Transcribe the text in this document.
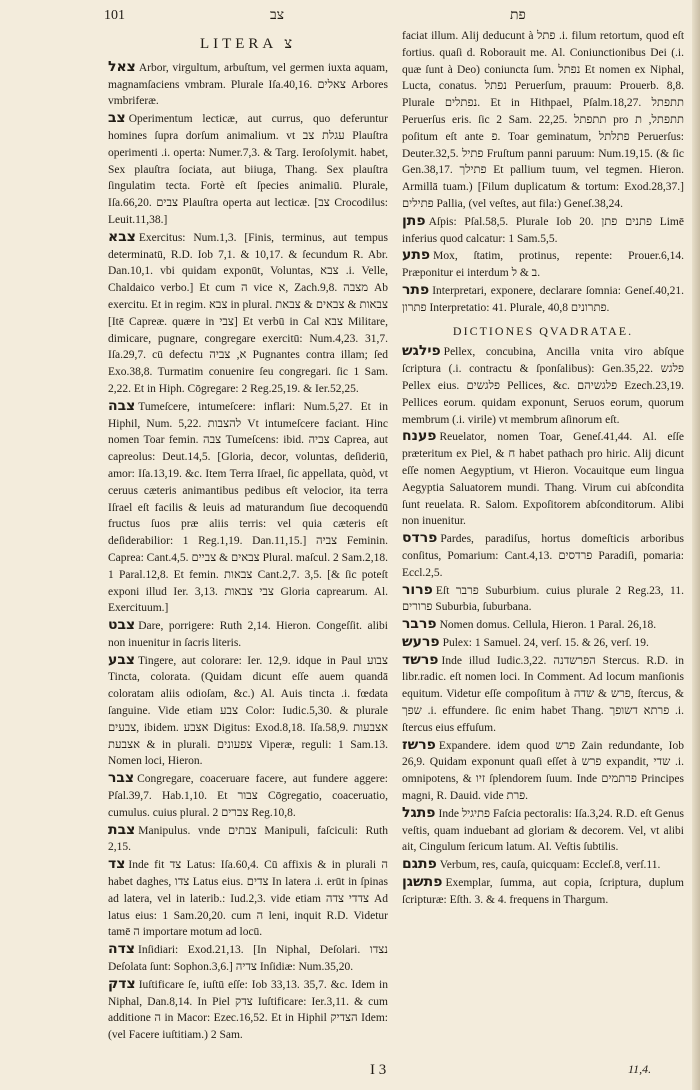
101	צב	פת
LITERA צ

צאל Arbor, virgultum, arbuſtum, vel germen iuxta aquam, magnamſaciens vmbram. Plurale Iſa.40,16. צאלים Arbores vmbriferæ.

צב Operimentum lecticæ, aut currus, quo deferuntur homines ſupra dorſum animalium. vt עגלת צב Plauſtra operimenti .i. operta: Numer.7,3. & Targ. Ieroſolymit. habet, Sex plauſtra ſociata, aut biiuga, Thang. Sex plauſtra ſingulatim tecta. Fortè eſt ſpecies animaliū. Plurale, Iſa.66,20. צבים Plauſtra operta aut lecticæ. [צב Crocodilus: Leuit.11,38.]

צבא Exercitus: Num.1,3. [Finis, terminus, aut tempus determinatū, R.D. Iob 7,1. & 10,17. & ſecundum R. Abr. Dan.10,1. vbi quidam exponūt, Voluntas, צבא .i. Velle, Chaldaico verbo.] Et cum ה vice א, Zach.9,8. מצבה Ab exercitu. Et in regim. צבא in plural. צבאות & צבאים & צבאת [Itē Capreæ. quære in צבי] Et verbū in Cal צבא Militare, dimicare, pugnare, congregare exercitū: Num.4,23. 31,7. Iſa.29,7. cū defectu א, צביה Pugnantes contra illam; ſed Exo.38,8. Turmatim conuenire ſeu congregari. ſic 1 Sam. 2,22. Et in Hiph. Cōgregare: 2 Reg.25,19. & Ier.52,25.

צבה Tumeſcere, intumeſcere: inflari: Num.5,27. Et in Hiphil, Num. 5,22. להצבות Vt intumeſcere faciant. Hinc nomen Toar femin. צבה Tumeſcens: ibid. צביה Caprea, aut capreolus: Deut.14,5. [Gloria, decor, voluntas, deſideriū, amor: Iſa.13,19. &c. Item Terra Iſrael, ſic appellata, quòd, vt ceruus cæteris animantibus pedibus eſt velocior, ita terra Iſrael eſt facilis & leuis ad maturandum ſiue decoquendū fructus ſuos præ aliis terris: vel quia cæteris eſt deſiderabilior: 1 Reg.1,19. Dan.11,15.] צביה Feminin. Caprea: Cant.4,5. צבאים & צביים Plural. maſcul. 2 Sam.2,18. 1 Paral.12,8. Et femin. צבאות Cant.2,7. 3,5. [& ſic poteſt exponi illud Ier. 3,13. צבי צבאות Gloria caprearum. Al. Exercituum.]

צבט Dare, porrigere: Ruth 2,14. Hieron. Congeſſit. alibi non inuenitur in ſacris literis.

צבע Tingere, aut colorare: Ier. 12,9. idque in Paul צבוע Tincta, colorata. (Quidam dicunt eſſe auem quandā coloratam aliis odioſam, &c.) Al. Auis tincta .i. fœdata ſanguine. Vide etiam צבע Color: Iudic.5,30. & plurale צבעים, ibidem. אצבע Digitus: Exod.8,18. Iſa.58,9. אצבעות & אצבעת in plurali. צפעונים Viperæ, reguli: 1 Sam.13. Nomen loci, Hieron.

צבר Congregare, coaceruare facere, aut fundere aggere: Pſal.39,7. Hab.1,10. Et צבור Cōgregatio, coaceruatio, cumulus. cuius plural. צברים 2 Reg.10,8.

צבת Manipulus. vnde צבתים Manipuli, faſciculi: Ruth 2,15.

צד Inde fit צד Latus: Iſa.60,4. Cū affixis & in plurali ה habet daghes, צדו Latus eius. צדים In latera .i. erūt in ſpinas ad latera, vel in laterib.: Iud.2,3. vide etiam צדדי צדה Ad latus eius: 1 Sam.20,20. cum ה leni, inquit R.D. Videtur tamē ה importare motum ad locū.

צדה Inſidiari: Exod.21,13. [In Niphal, Deſolari. נצדו Deſolata ſunt: Sophon.3,6.] צדיה Inſidiæ: Num.35,20.

צדק Iuſtificare ſe, iuſtū eſſe: Iob 33,13. 35,7. &c. Idem in Niphal, Dan.8,14. In Piel צדק Iuſtificare: Ier.3,11. & cum additione ה in Macor: Ezec.16,52. Et in Hiphil הצדיק Idem: (vel Facere iuſtitiam.) 2 Sam.

faciat illum. Alij deducunt à פתל .i. filum retortum, quod eſt fortius. quaſi d. Roborauit me. Al. Coniunctionibus Dei (.i. quæ ſunt à Deo) coniuncta ſum. נפתל Et nomen ex Niphal, Lucta, conatus. נפתל Peruerſum, prauum: Prouerb. 8,8. Plurale נפתלים. Et in Hithpael, Pſalm.18,27. תתפתל Peruerſus eris. ſic 2 Sam. 22,25. תתפתל pro תתפתל, ת poſitum eſt ante פ. Toar geminatum, פתלתל Peruerſus: Deuter.32,5. פתיל Fruſtum panni paruum: Num.19,15. (& ſic Gen.38,17. פתילך Et pallium tuum, vel tegmen. Hieron. Armillā tuam.) [Filum duplicatum & tortum: Exod.28,37.] פתילים Pallia, (vel veſtes, aut fila:) Geneſ.38,24.

פתן Aſpis: Pſal.58,5. Plurale Iob 20. פתנים פתן Limē inferius quod calcatur: 1 Sam.5,5.

פתע Mox, ſtatim, protinus, repente: Prouer.6,14. Præponitur ei interdum ב & ל.

פתר Interpretari, exponere, declarare ſomnia: Geneſ.40,21. פתרון Interpretatio: 41. Plurale, פתרונים 40,8.

DICTIONES QVADRATAE.

פילגש Pellex, concubina, Ancilla vnita viro abſque ſcriptura (.i. contractu & ſponſalibus): Gen.35,22. פלגש Pellex eius. פלגשים Pellices, &c. פלגשיהם Ezech.23,19. Pellices eorum. quidam exponunt, Seruos eorum, quorum membrum (.i. virile) vt membrum aſinorum eſt.

פענח Reuelator, nomen Toar, Geneſ.41,44. Al. eſſe præteritum ex Piel, & ח habet pathach pro hiric. Alij dicunt eſſe nomen Aegyptium, vt Hieron. Vocauitque eum lingua Aegyptia Saluatorem mundi. Thang. Virum cui abſcondita ſunt reuelata. R. Salom. Expoſitorem abſconditorum. Alibi non inuenitur.

פרדס Pardes, paradiſus, hortus domeſticis arboribus conſitus, Pomarium: Cant.4,13. פרדסים Paradiſi, pomaria: Eccl.2,5.

פרור Eſt פרבר Suburbium. cuius plurale 2 Reg.23, 11. פרורים Suburbia, ſuburbana.

פרבר Nomen domus. Cellula, Hieron. 1 Paral. 26,18.

פרעש Pulex: 1 Samuel. 24, verſ. 15. & 26, verſ. 19.

פרשד Inde illud Iudic.3,22. הפרשדנה Stercus. R.D. in libr.radic. eſt nomen loci. In Comment. Ad locum manſionis equitum. Videtur eſſe compoſitum à פרש & שדה, ſtercus, & שפך .i. effundere. ſic enim habet Thang. פרתא דשופך .i. ſtercus eius effuſum.

פרשז Expandere. idem quod פרש Zain redundante, Iob 26,9. Quidam exponunt quaſi eſſet à פרש expandit, שדי .i. omnipotens, & זיו ſplendorem ſuum. Inde פרתמים Principes magni, R. Dauid. vide פרת.

פתגל Inde פתיגיל Faſcia pectoralis: Iſa.3,24. R.D. eſt Genus veſtis, quam induebant ad gloriam & decorem. Vel, vt alibi ait, Cingulum ſericum latum. Al. Veſtis ſubtilis.

פתגם Verbum, res, cauſa, quicquam: Eccleſ.8, verſ.11.

פתשגן Exemplar, ſumma, aut copia, ſcriptura, duplum ſcripturæ: Eſth. 3. & 4. frequens in Thargum.

I 3	11,4.
